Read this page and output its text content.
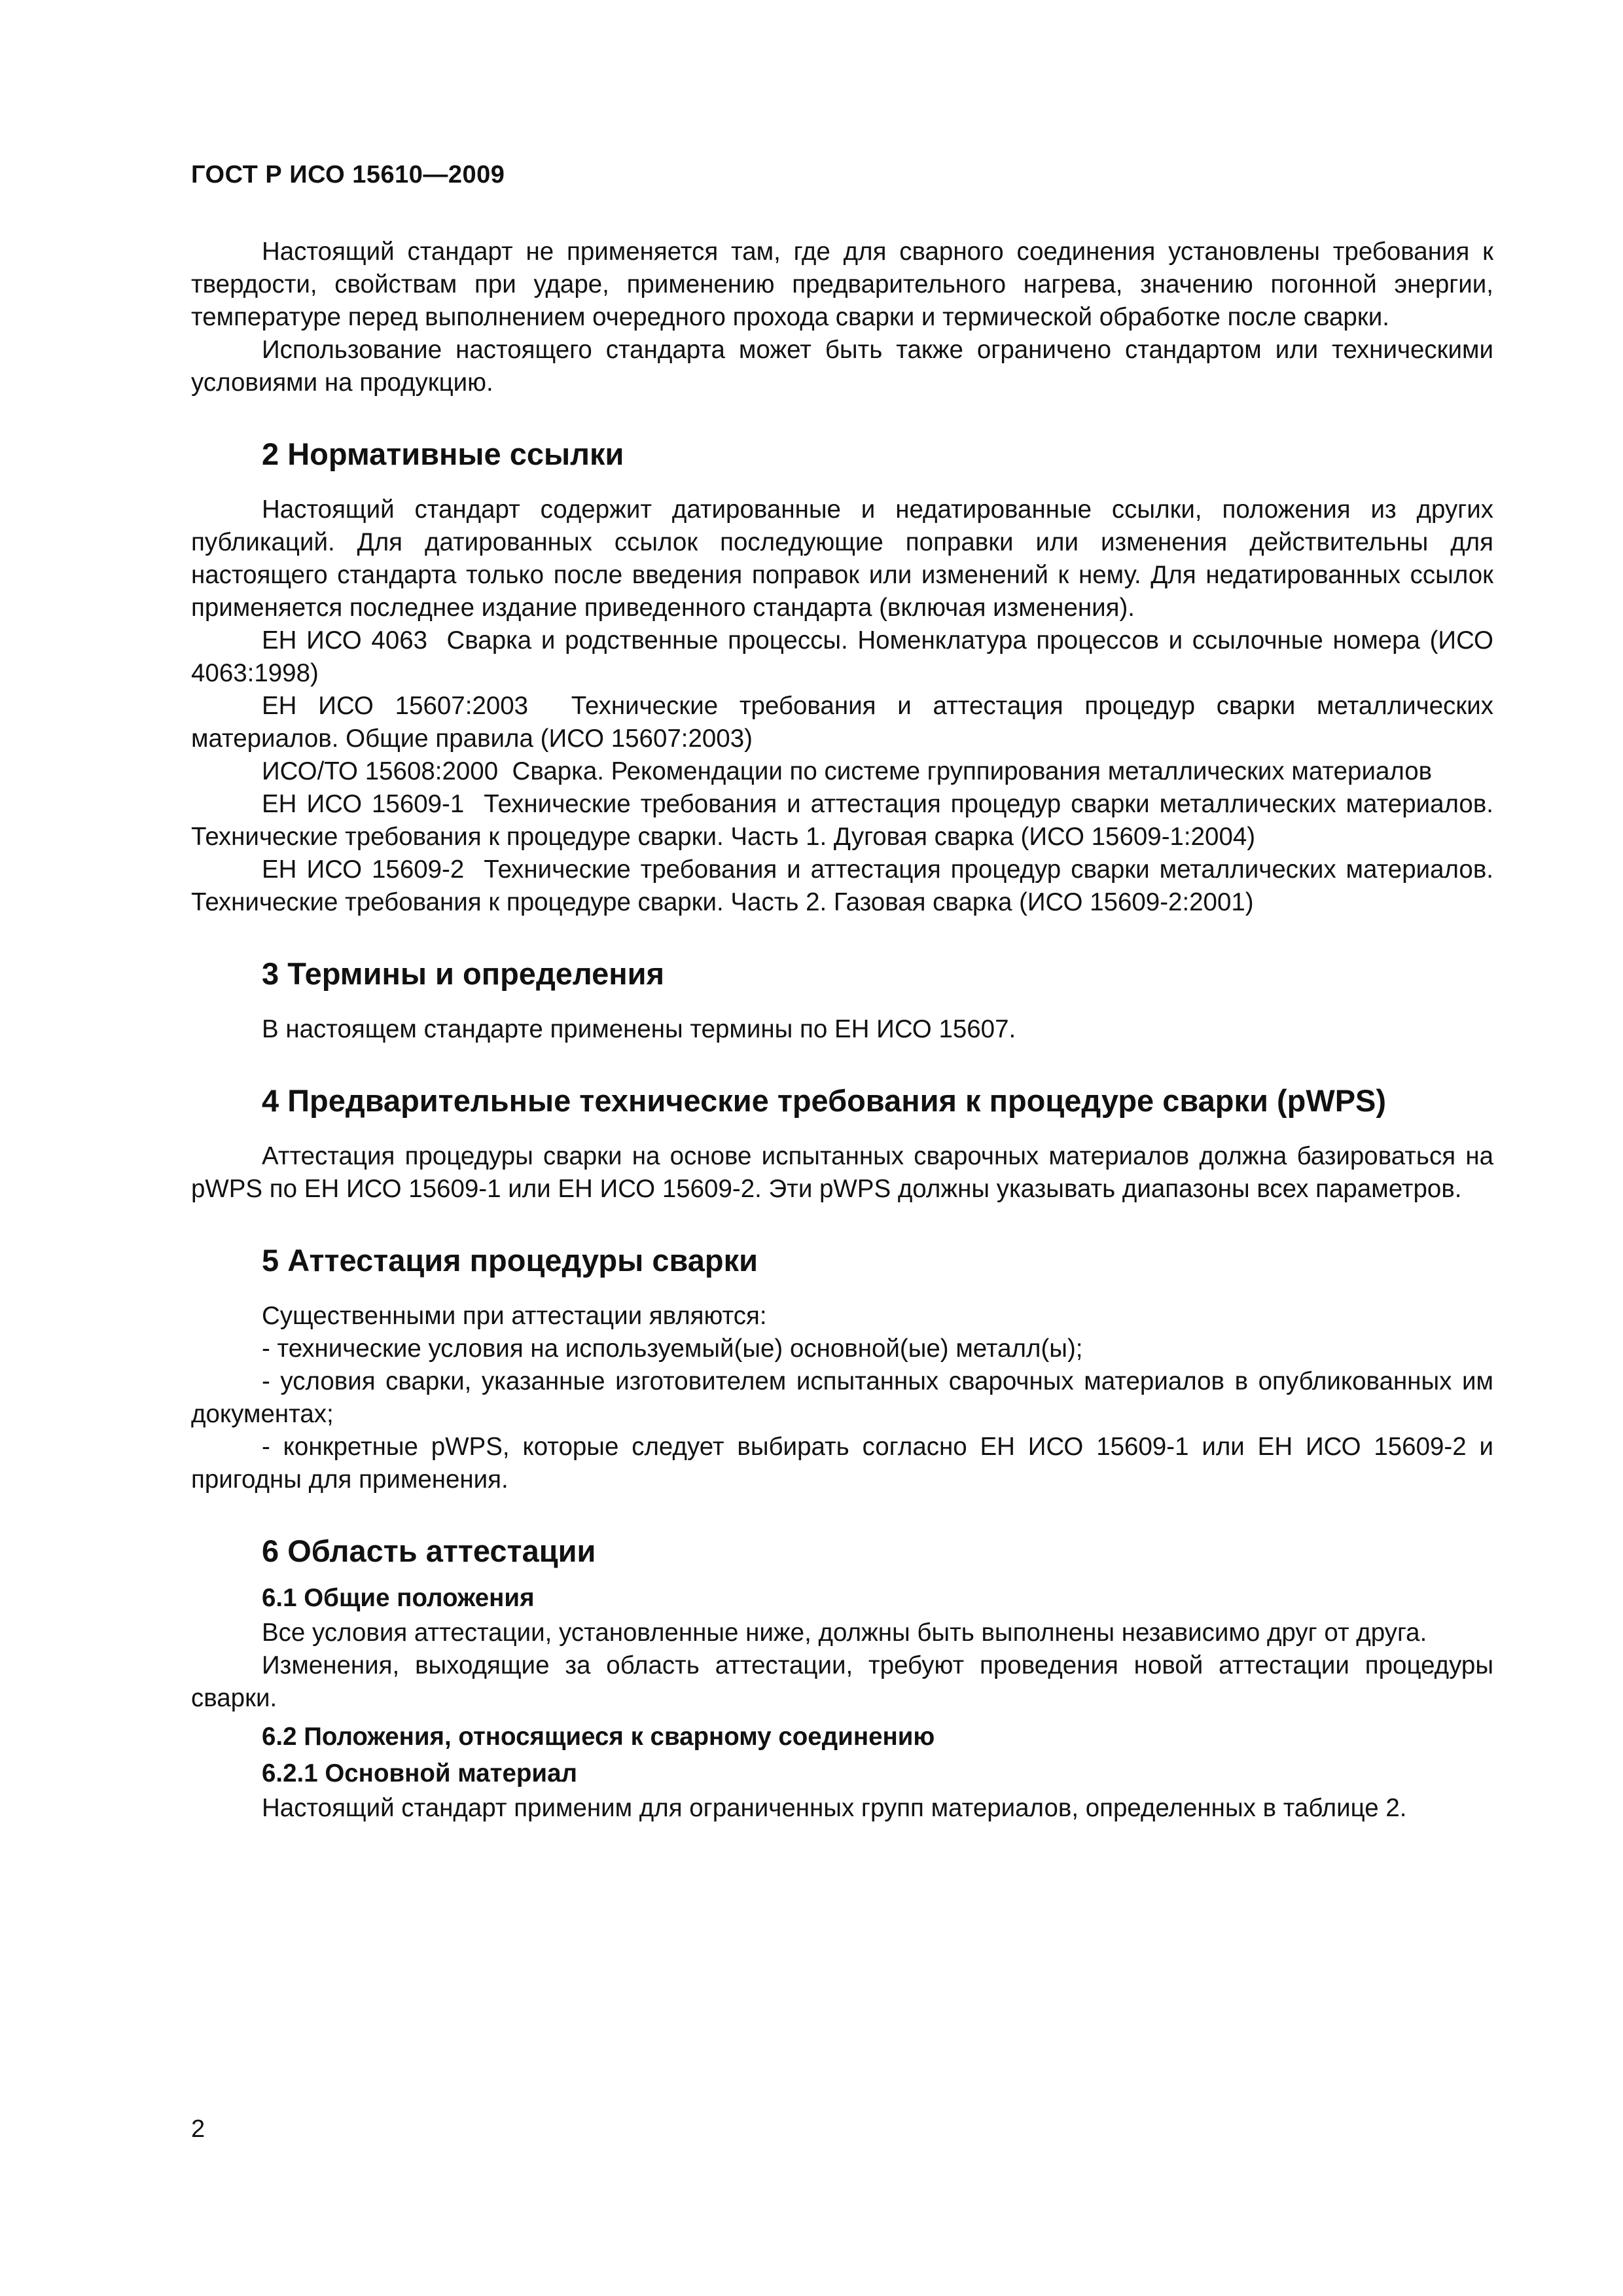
ГОСТ Р ИСО 15610—2009

Настоящий стандарт не применяется там, где для сварного соединения установлены требования к твердости, свойствам при ударе, применению предварительного нагрева, значению погонной энергии, температуре перед выполнением очередного прохода сварки и термической обработке после сварки.

Использование настоящего стандарта может быть также ограничено стандартом или техническими условиями на продукцию.

2 Нормативные ссылки

Настоящий стандарт содержит датированные и недатированные ссылки, положения из других публикаций. Для датированных ссылок последующие поправки или изменения действительны для настоящего стандарта только после введения поправок или изменений к нему. Для недатированных ссылок применяется последнее издание приведенного стандарта (включая изменения).

ЕН ИСО 4063 Сварка и родственные процессы. Номенклатура процессов и ссылочные номера (ИСО 4063:1998)

ЕН ИСО 15607:2003 Технические требования и аттестация процедур сварки металлических материалов. Общие правила (ИСО 15607:2003)

ИСО/ТО 15608:2000 Сварка. Рекомендации по системе группирования металлических материалов

ЕН ИСО 15609-1 Технические требования и аттестация процедур сварки металлических материалов. Технические требования к процедуре сварки. Часть 1. Дуговая сварка (ИСО 15609-1:2004)

ЕН ИСО 15609-2 Технические требования и аттестация процедур сварки металлических материалов. Технические требования к процедуре сварки. Часть 2. Газовая сварка (ИСО 15609-2:2001)

3 Термины и определения

В настоящем стандарте применены термины по ЕН ИСО 15607.

4 Предварительные технические требования к процедуре сварки (pWPS)

Аттестация процедуры сварки на основе испытанных сварочных материалов должна базироваться на pWPS по ЕН ИСО 15609-1 или ЕН ИСО 15609-2. Эти pWPS должны указывать диапазоны всех параметров.

5 Аттестация процедуры сварки

Существенными при аттестации являются:

- технические условия на используемый(ые) основной(ые) металл(ы);

- условия сварки, указанные изготовителем испытанных сварочных материалов в опубликованных им документах;

- конкретные pWPS, которые следует выбирать согласно ЕН ИСО 15609-1 или ЕН ИСО 15609-2 и пригодны для применения.

6 Область аттестации
6.1 Общие положения

Все условия аттестации, установленные ниже, должны быть выполнены независимо друг от друга.

Изменения, выходящие за область аттестации, требуют проведения новой аттестации процедуры сварки.

6.2 Положения, относящиеся к сварному соединению
6.2.1 Основной материал

Настоящий стандарт применим для ограниченных групп материалов, определенных в таблице 2.

2
